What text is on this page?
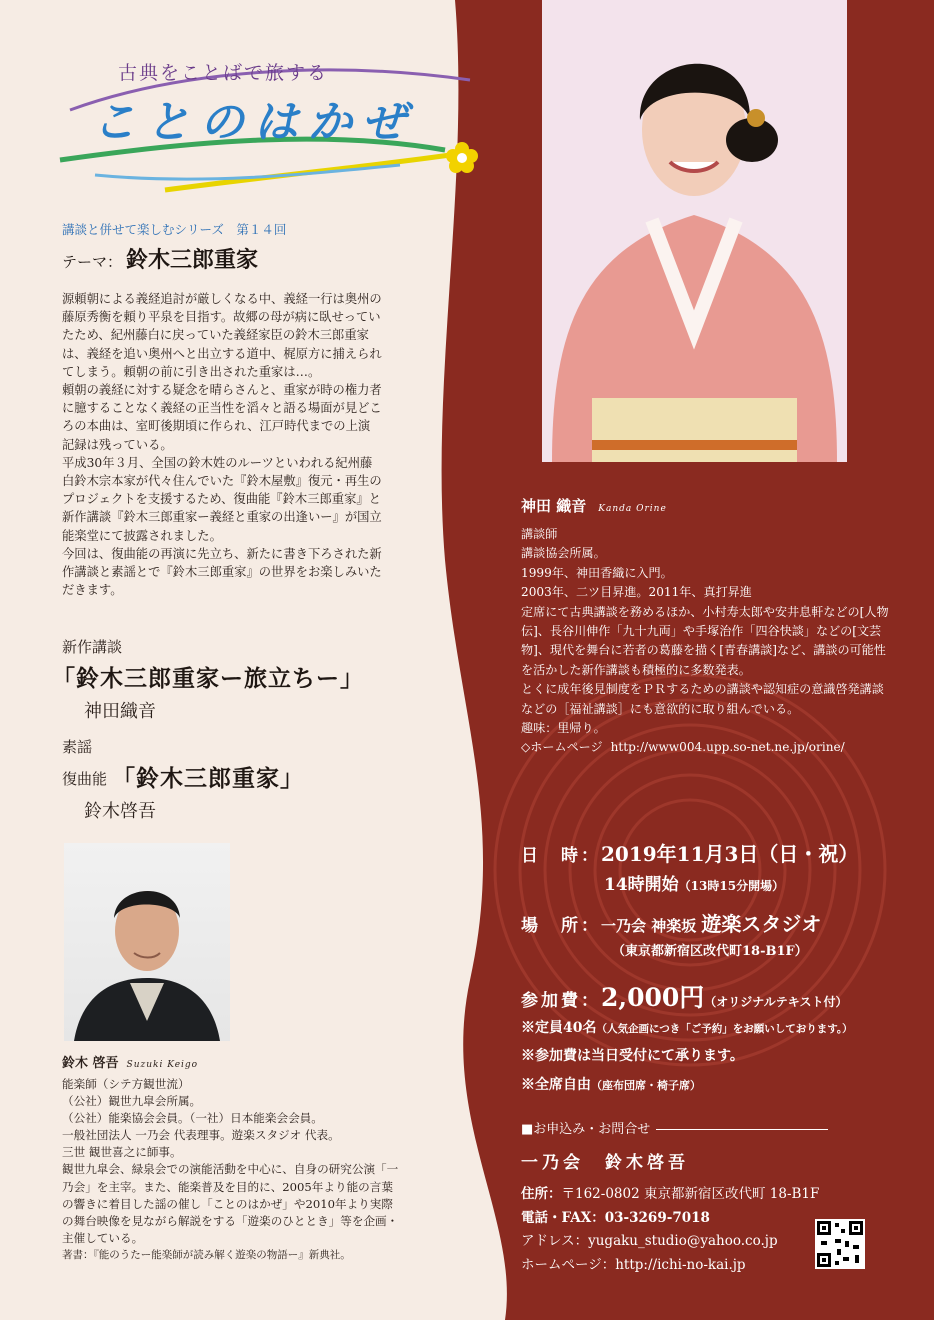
古典をことばで旅する
ことのはかぜ
講談と併せて楽しむシリーズ　第１４回
テーマ： 鈴木三郎重家

源頼朝による義経追討が厳しくなる中、義経一行は奥州の藤原秀衡を頼り平泉を目指す。故郷の母が病に臥せっていたため、紀州藤白に戻っていた義経家臣の鈴木三郎重家は、義経を追い奥州へと出立する道中、梶原方に捕えられてしまう。頼朝の前に引き出された重家は…。

頼朝の義経に対する疑念を晴らさんと、重家が時の権力者に臆することなく義経の正当性を滔々と語る場面が見どころの本曲は、室町後期頃に作られ、江戸時代までの上演記録は残っている。

平成30年３月、全国の鈴木姓のルーツといわれる紀州藤白鈴木宗本家が代々住んでいた『鈴木屋敷』復元・再生のプロジェクトを支援するため、復曲能『鈴木三郎重家』と新作講談『鈴木三郎重家ー義経と重家の出逢いー』が国立能楽堂にて披露されました。

今回は、復曲能の再演に先立ち、新たに書き下ろされた新作講談と素謡とで『鈴木三郎重家』の世界をお楽しみいただきます。

新作講談
「鈴木三郎重家ー旅立ちー」
神田織音
素謡
復曲能 「鈴木三郎重家」
鈴木啓吾
鈴木 啓吾 Suzuki Keigo

能楽師（シテ方観世流）

（公社）観世九皐会所属。

（公社）能楽協会会員。（一社）日本能楽会会員。

一般社団法人 一乃会 代表理事。遊楽スタジオ 代表。

三世 観世喜之に師事。

観世九皐会、緑泉会での演能活動を中心に、自身の研究公演「一乃会」を主宰。また、能楽普及を目的に、2005年より能の言葉の響きに着目した謡の催し「ことのはかぜ」や2010年より実際の舞台映像を見ながら解説をする「遊楽のひととき」等を企画・主催している。

著書：『能のうたー能楽師が読み解く遊楽の物語ー』新典社。

神田 織音 Kanda Orine

講談師

講談協会所属。

1999年、神田香織に入門。

2003年、二ツ目昇進。2011年、真打昇進

定席にて古典講談を務めるほか、小村寿太郎や安井息軒などの[人物伝]、長谷川伸作「九十九両」や手塚治作「四谷快談」などの[文芸物]、現代を舞台に若者の葛藤を描く[青春講談]など、講談の可能性を活かした新作講談も積極的に多数発表。

とくに成年後見制度をＰＲするための講談や認知症の意識啓発講談などの［福祉講談］にも意欲的に取り組んでいる。

趣味：里帰り。

◇ホームページ http://www004.upp.so-net.ne.jp/orine/

日　時：2019年11月3日（日・祝）
14時開始（13時15分開場）
場　所：一乃会 神楽坂 遊楽スタジオ
（東京都新宿区改代町18-B1F）
参加費：2,000円（オリジナルテキスト付）
※定員40名（人気企画につき「ご予約」をお願いしております。）
※参加費は当日受付にて承ります。
※全席自由（座布団席・椅子席）
■お申込み・お問合せ
一乃会　鈴木啓吾

住所：〒162-0802 東京都新宿区改代町 18-B1F

電話・FAX：03-3269-7018

アドレス：yugaku_studio@yahoo.co.jp

ホームページ：http://ichi-no-kai.jp
